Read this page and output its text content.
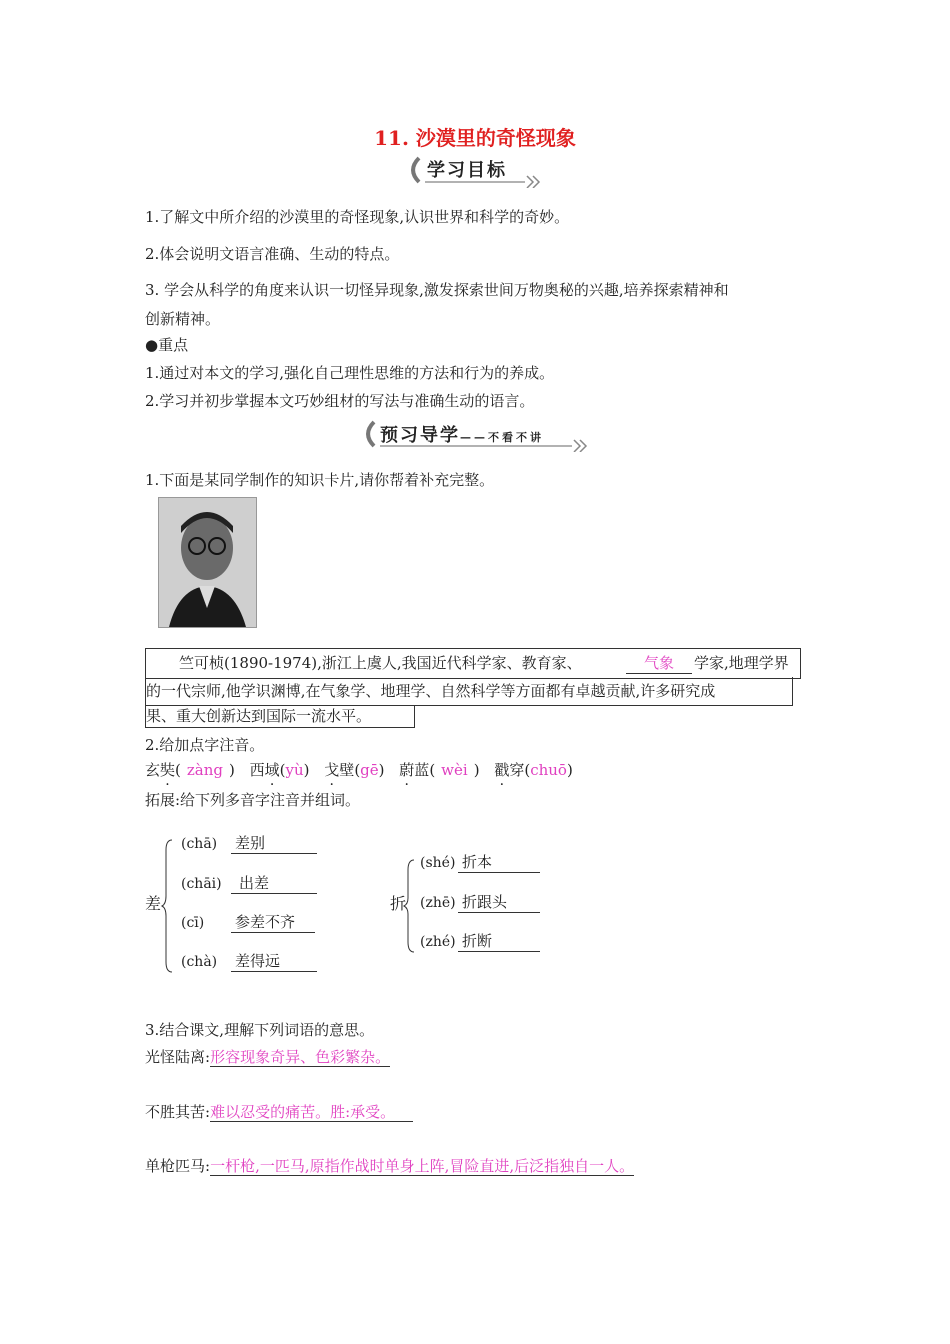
11. 沙漠里的奇怪现象
学习目标
1.了解文中所介绍的沙漠里的奇怪现象,认识世界和科学的奇妙。
2.体会说明文语言准确、生动的特点。
3. 学会从科学的角度来认识一切怪异现象,激发探索世间万物奥秘的兴趣,培养探索精神和
创新精神。
●重点
1.通过对本文的学习,强化自己理性思维的方法和行为的养成。
2.学习并初步掌握本文巧妙组材的写法与准确生动的语言。
预习导学——不看不讲
1.下面是某同学制作的知识卡片,请你帮着补充完整。
竺可桢(1890-1974),浙江上虞人,我国近代科学家、教育家、	气象	学家,地理学界
的一代宗师,他学识渊博,在气象学、地理学、自然科学等方面都有卓越贡献,许多研究成
果、重大创新达到国际一流水平。
2.给加点字注音。
玄奘( zàng ) 西域(yù) 戈壁(gē) 蔚蓝( wèi ) 戳穿(chuō)
拓展:给下列多音字注音并组词。
差
(chā) 差别
(chāi) 出差
(cī) 参差不齐
(chà) 差得远
折
(shé) 折本
(zhē) 折跟头
(zhé) 折断
3.结合课文,理解下列词语的意思。
光怪陆离:形容现象奇异、色彩繁杂。
不胜其苦:难以忍受的痛苦。胜:承受。
单枪匹马:一杆枪,一匹马,原指作战时单身上阵,冒险直进,后泛指独自一人。
